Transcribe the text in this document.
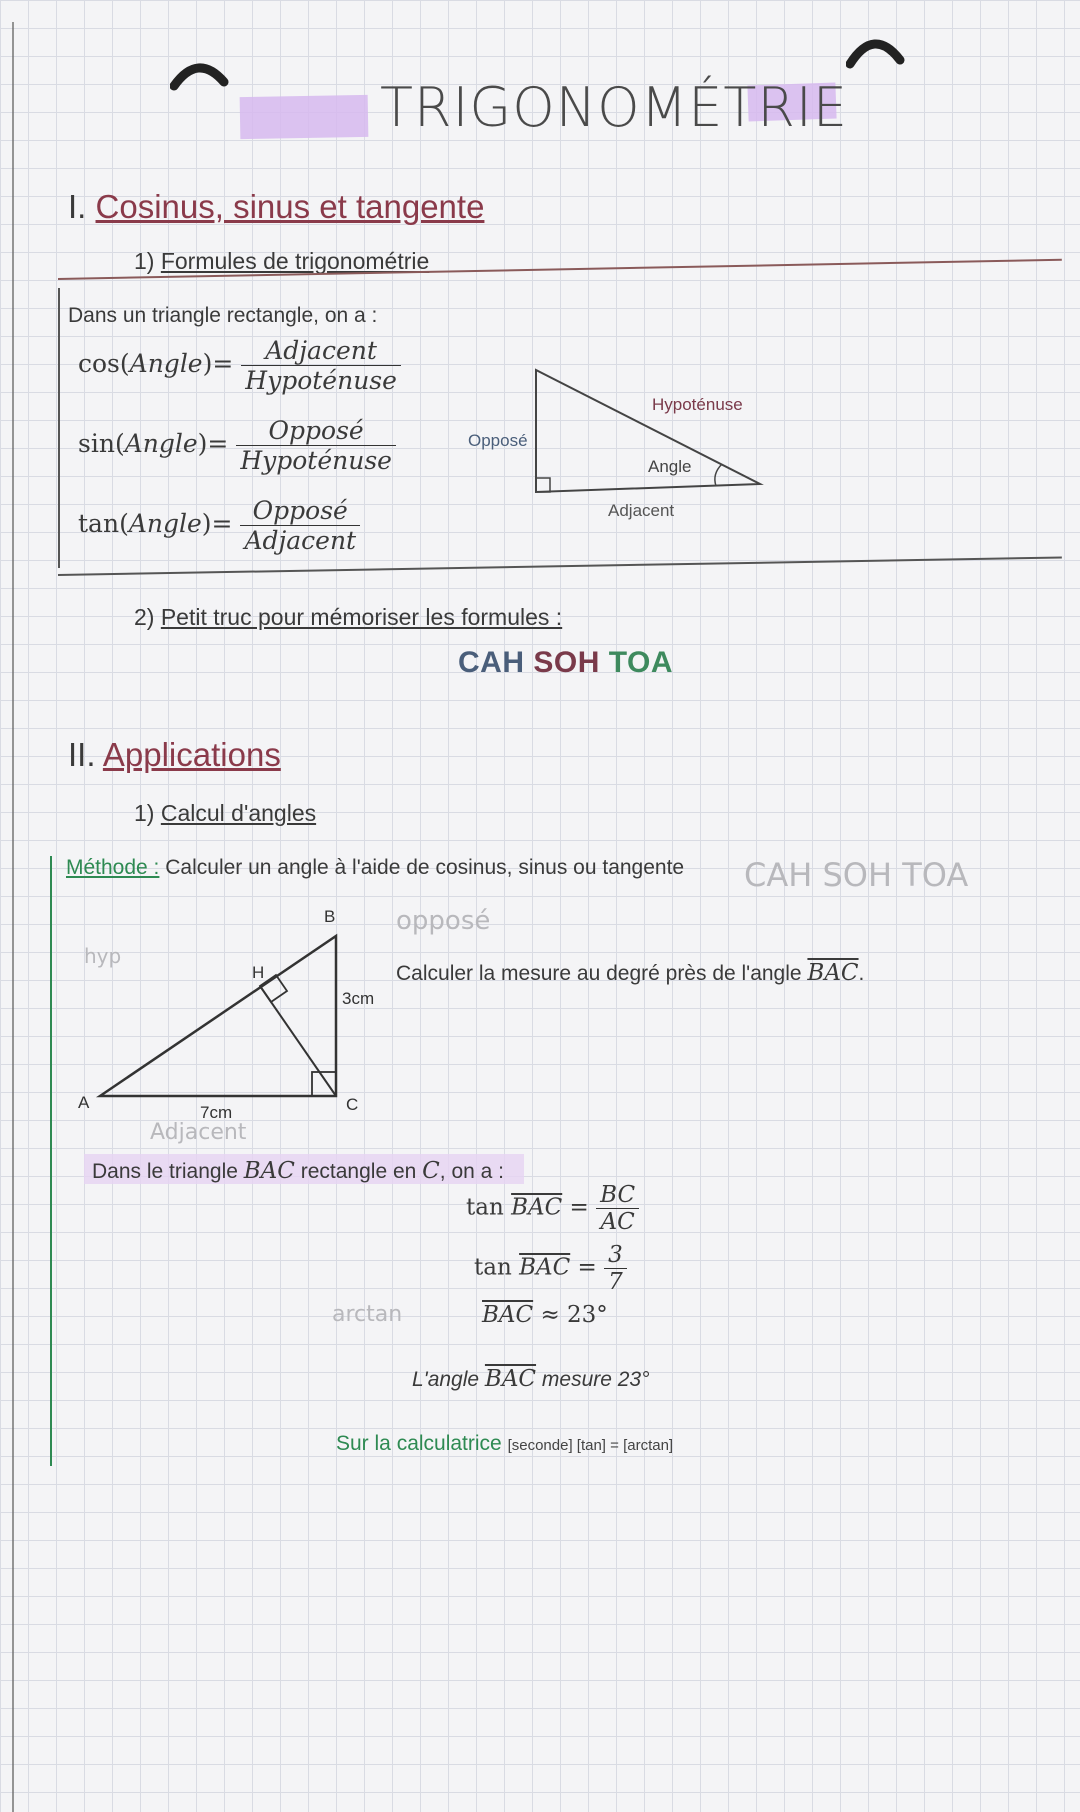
TRIGONOMÉTRIE
I. Cosinus, sinus et tangente
1) Formules de trigonométrie
Dans un triangle rectangle, on a :
cos(Angle)= $\frac{\text{Adjacent}}{\text{Hypoténuse}}$
sin(Angle)= $\frac{\text{Opposé}}{\text{Hypoténuse}}$
tan(Angle)= $\frac{\text{Opposé}}{\text{Adjacent}}$
Hypoténuse
Opposé
Angle
Adjacent
2) Petit truc pour mémoriser les formules :
CAH SOH TOA
II. Applications
1) Calcul d'angles
Méthode : Calculer un angle à l'aide de cosinus, sinus ou tangente CAH SOH TOA
opposé
hyp
A
B
C
H
3cm
7cm
Adjacent
Calculer la mesure au degré près de l'angle $\overline{BAC}$.
Dans le triangle BAC rectangle en C, on a :
$\tan \overline{BAC} = \frac{BC}{AC}$
$\tan \overline{BAC} = \frac{3}{7}$
arctan	$\overline{BAC} \approx 23^\circ$
L'angle $\overline{BAC}$ mesure 23°
Sur la calculatrice [seconde] [tan] = [arctan]
